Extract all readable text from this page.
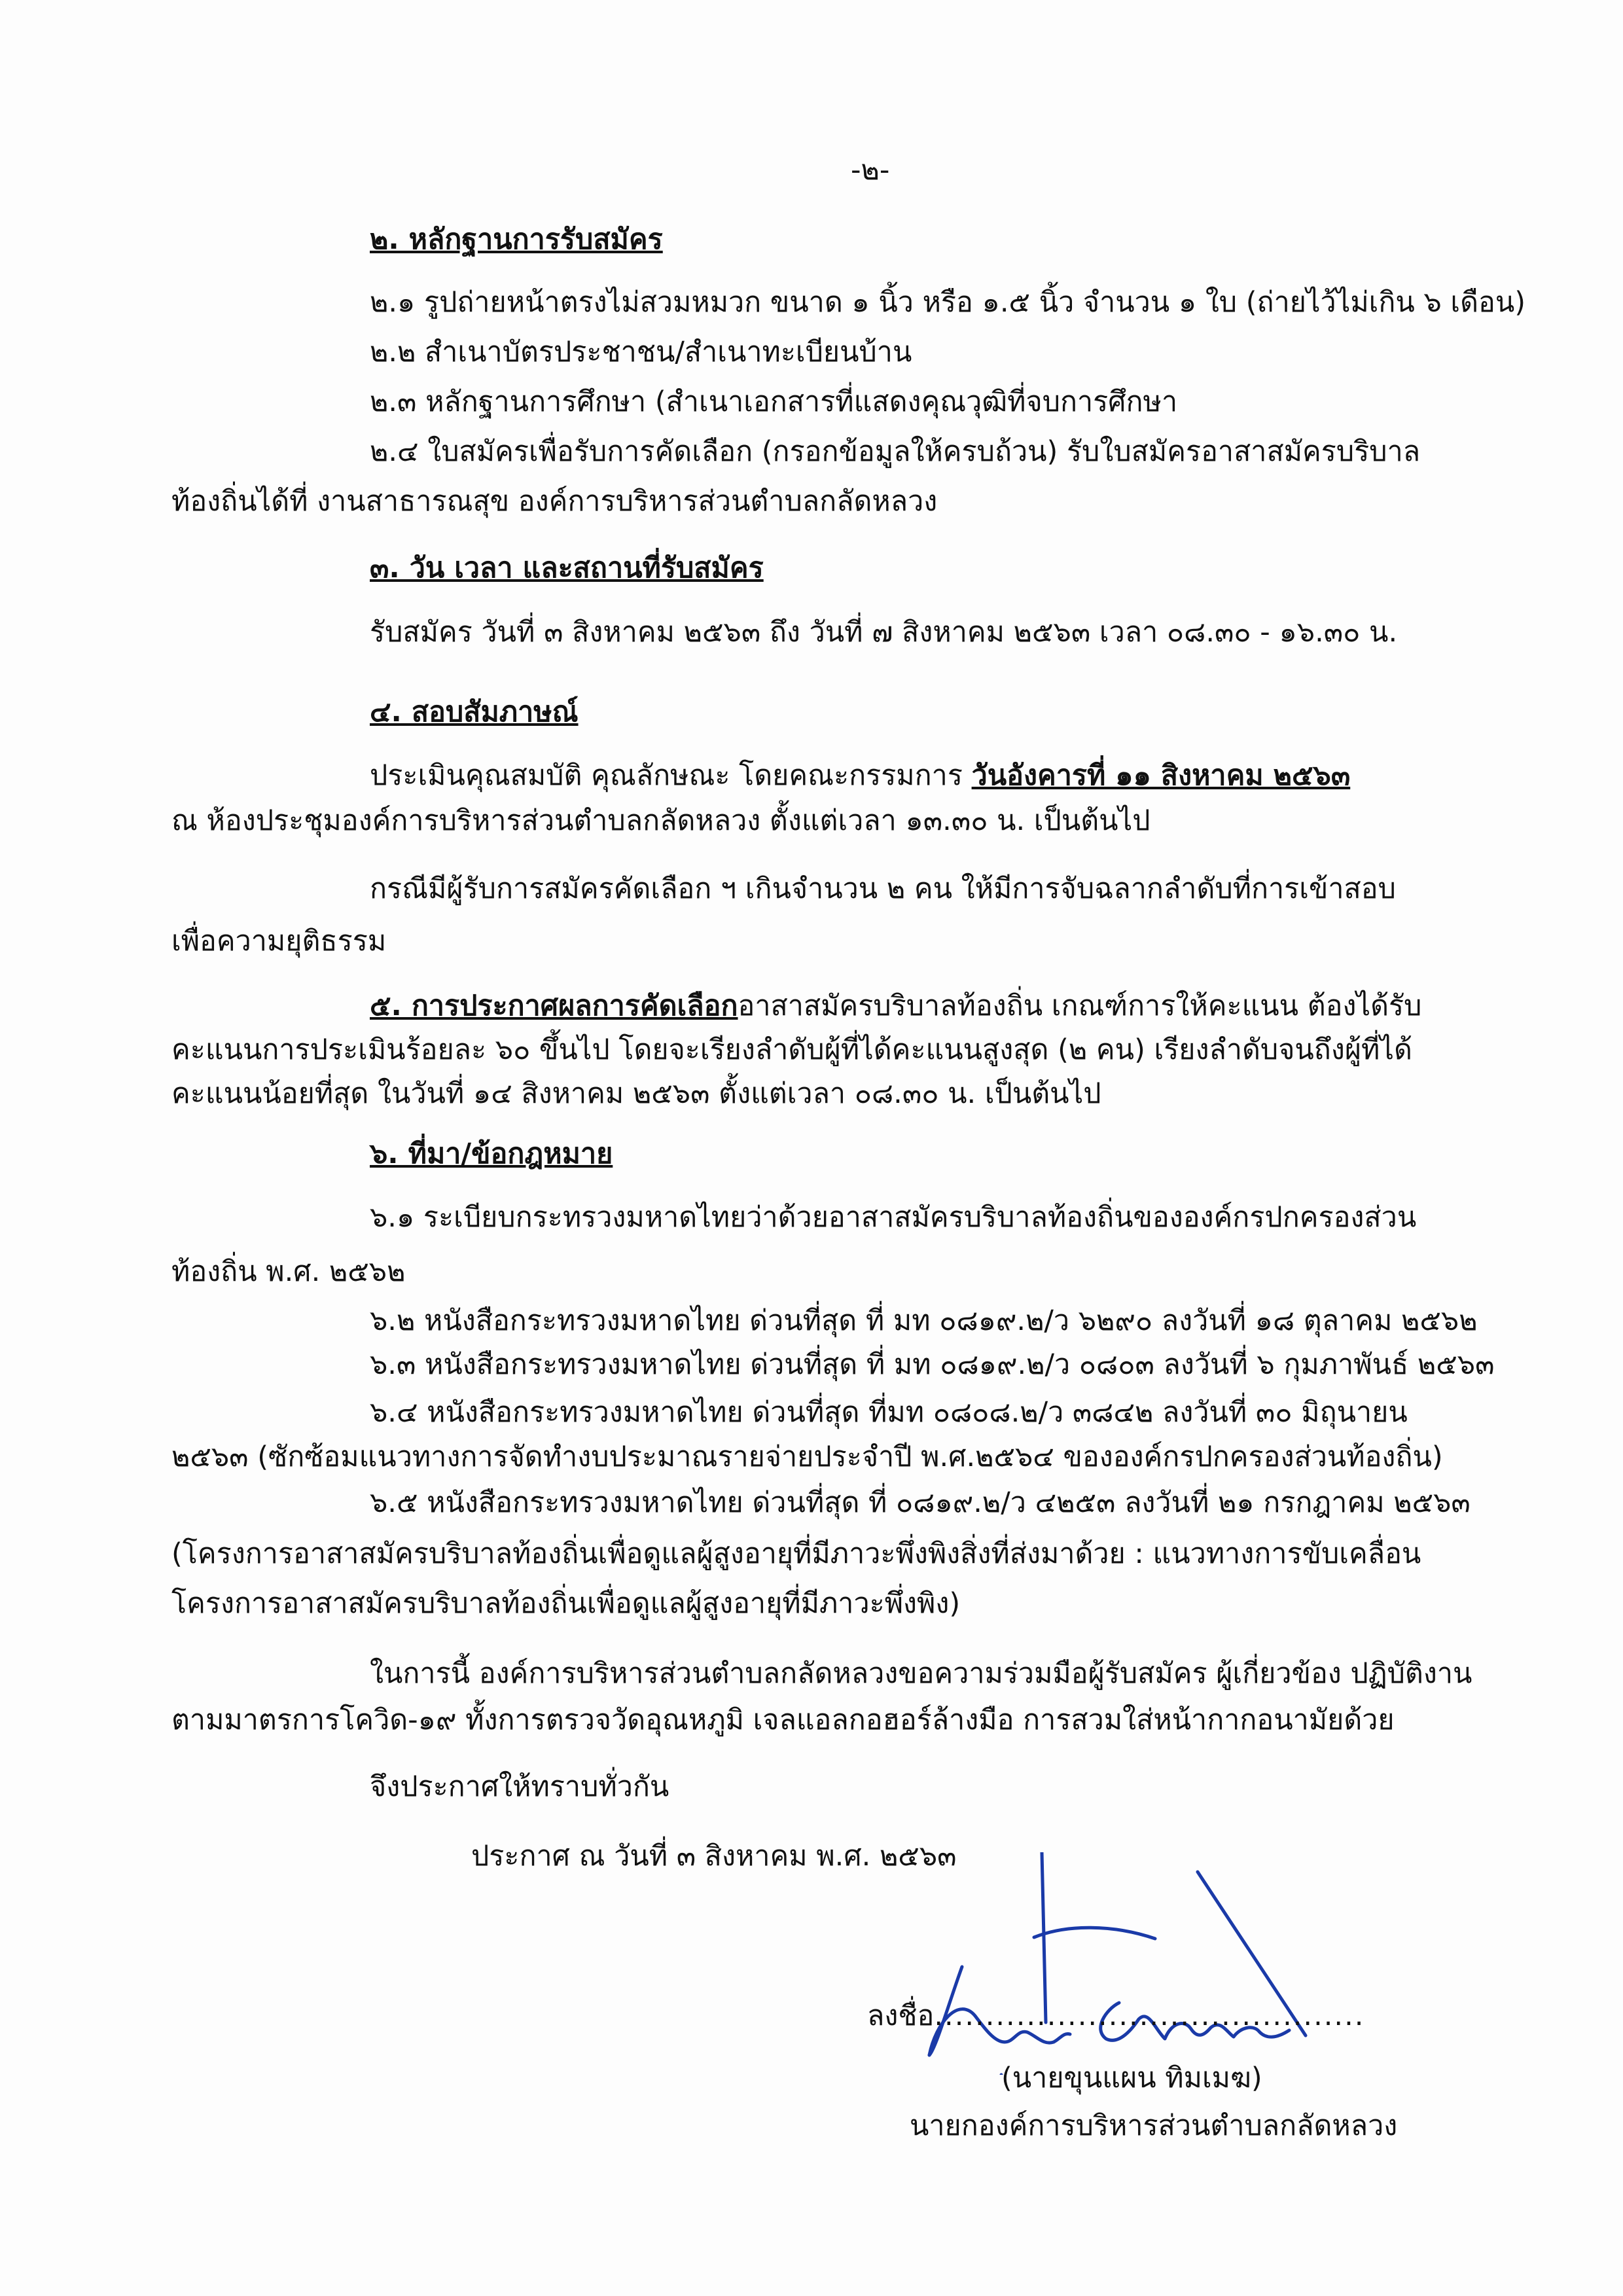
-๒-
๒. หลักฐานการรับสมัคร
๒.๑ รูปถ่ายหน้าตรงไม่สวมหมวก ขนาด ๑ นิ้ว หรือ ๑.๕ นิ้ว จำนวน ๑ ใบ (ถ่ายไว้ไม่เกิน ๖ เดือน)
๒.๒ สำเนาบัตรประชาชน/สำเนาทะเบียนบ้าน
๒.๓ หลักฐานการศึกษา (สำเนาเอกสารที่แสดงคุณวุฒิที่จบการศึกษา
๒.๔ ใบสมัครเพื่อรับการคัดเลือก (กรอกข้อมูลให้ครบถ้วน) รับใบสมัครอาสาสมัครบริบาล
ท้องถิ่นได้ที่ งานสาธารณสุข องค์การบริหารส่วนตำบลกลัดหลวง
๓. วัน เวลา และสถานที่รับสมัคร
รับสมัคร วันที่ ๓ สิงหาคม ๒๕๖๓ ถึง วันที่ ๗ สิงหาคม ๒๕๖๓ เวลา ๐๘.๓๐ - ๑๖.๓๐ น.
๔. สอบสัมภาษณ์
ประเมินคุณสมบัติ คุณลักษณะ โดยคณะกรรมการ วันอังคารที่ ๑๑ สิงหาคม ๒๕๖๓
ณ ห้องประชุมองค์การบริหารส่วนตำบลกลัดหลวง ตั้งแต่เวลา ๑๓.๓๐ น. เป็นต้นไป
กรณีมีผู้รับการสมัครคัดเลือก ฯ เกินจำนวน ๒ คน ให้มีการจับฉลากลำดับที่การเข้าสอบ
เพื่อความยุติธรรม
๕. การประกาศผลการคัดเลือกอาสาสมัครบริบาลท้องถิ่น เกณฑ์การให้คะแนน ต้องได้รับ
คะแนนการประเมินร้อยละ ๖๐ ขึ้นไป โดยจะเรียงลำดับผู้ที่ได้คะแนนสูงสุด (๒ คน) เรียงลำดับจนถึงผู้ที่ได้
คะแนนน้อยที่สุด ในวันที่ ๑๔ สิงหาคม ๒๕๖๓ ตั้งแต่เวลา ๐๘.๓๐ น. เป็นต้นไป
๖. ที่มา/ข้อกฎหมาย
๖.๑ ระเบียบกระทรวงมหาดไทยว่าด้วยอาสาสมัครบริบาลท้องถิ่นขององค์กรปกครองส่วน
ท้องถิ่น พ.ศ. ๒๕๖๒
๖.๒ หนังสือกระทรวงมหาดไทย ด่วนที่สุด ที่ มท ๐๘๑๙.๒/ว ๖๒๙๐ ลงวันที่ ๑๘ ตุลาคม ๒๕๖๒
๖.๓ หนังสือกระทรวงมหาดไทย ด่วนที่สุด ที่ มท ๐๘๑๙.๒/ว ๐๘๐๓ ลงวันที่ ๖ กุมภาพันธ์ ๒๕๖๓
๖.๔ หนังสือกระทรวงมหาดไทย ด่วนที่สุด ที่มท ๐๘๐๘.๒/ว ๓๘๔๒ ลงวันที่ ๓๐ มิถุนายน
๒๕๖๓ (ซักซ้อมแนวทางการจัดทำงบประมาณรายจ่ายประจำปี พ.ศ.๒๕๖๔ ขององค์กรปกครองส่วนท้องถิ่น)
๖.๕ หนังสือกระทรวงมหาดไทย ด่วนที่สุด ที่ ๐๘๑๙.๒/ว ๔๒๕๓ ลงวันที่ ๒๑ กรกฎาคม ๒๕๖๓
(โครงการอาสาสมัครบริบาลท้องถิ่นเพื่อดูแลผู้สูงอายุที่มีภาวะพึ่งพิงสิ่งที่ส่งมาด้วย : แนวทางการขับเคลื่อน
โครงการอาสาสมัครบริบาลท้องถิ่นเพื่อดูแลผู้สูงอายุที่มีภาวะพึ่งพิง)
ในการนี้ องค์การบริหารส่วนตำบลกลัดหลวงขอความร่วมมือผู้รับสมัคร ผู้เกี่ยวข้อง ปฏิบัติงาน
ตามมาตรการโควิด-๑๙ ทั้งการตรวจวัดอุณหภูมิ เจลแอลกอฮอร์ล้างมือ การสวมใส่หน้ากากอนามัยด้วย
จึงประกาศให้ทราบทั่วกัน
ประกาศ ณ วันที่ ๓ สิงหาคม พ.ศ. ๒๕๖๓
ลงชื่อ..........................................
(นายขุนแผน ทิมเมฆ)
นายกองค์การบริหารส่วนตำบลกลัดหลวง
